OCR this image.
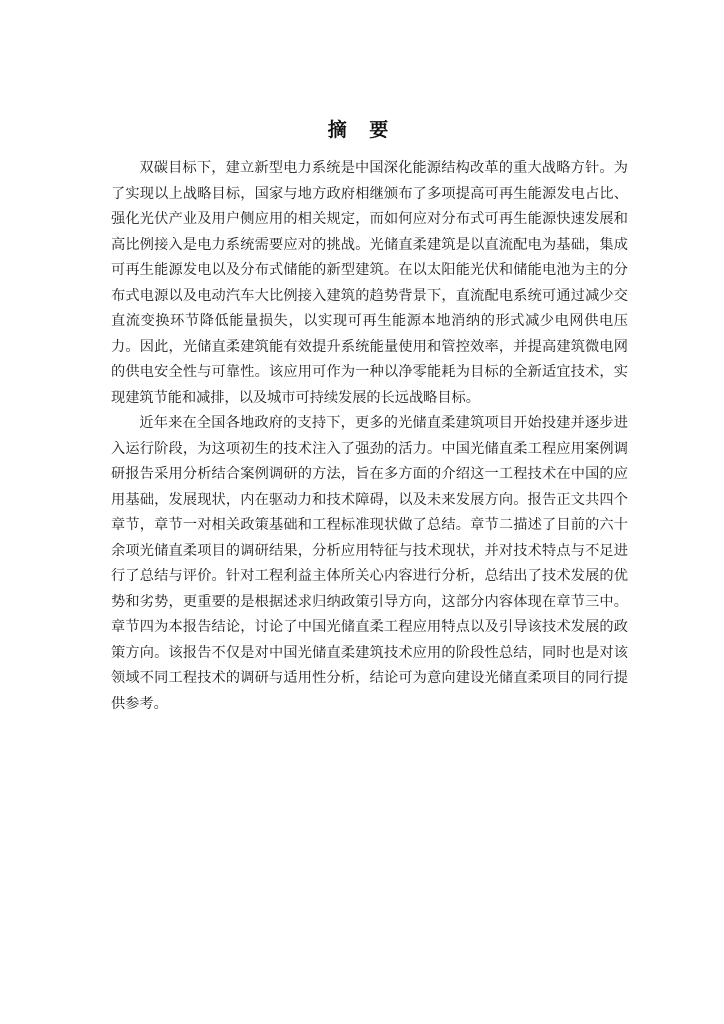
摘 要

双碳目标下，建立新型电力系统是中国深化能源结构改革的重大战略方针。为了实现以上战略目标，国家与地方政府相继颁布了多项提高可再生能源发电占比、强化光伏产业及用户侧应用的相关规定，而如何应对分布式可再生能源快速发展和高比例接入是电力系统需要应对的挑战。光储直柔建筑是以直流配电为基础，集成可再生能源发电以及分布式储能的新型建筑。在以太阳能光伏和储能电池为主的分布式电源以及电动汽车大比例接入建筑的趋势背景下，直流配电系统可通过减少交直流变换环节降低能量损失，以实现可再生能源本地消纳的形式减少电网供电压力。因此，光储直柔建筑能有效提升系统能量使用和管控效率，并提高建筑微电网的供电安全性与可靠性。该应用可作为一种以净零能耗为目标的全新适宜技术，实现建筑节能和减排，以及城市可持续发展的长远战略目标。

近年来在全国各地政府的支持下，更多的光储直柔建筑项目开始投建并逐步进入运行阶段，为这项初生的技术注入了强劲的活力。中国光储直柔工程应用案例调研报告采用分析结合案例调研的方法，旨在多方面的介绍这一工程技术在中国的应用基础，发展现状，内在驱动力和技术障碍，以及未来发展方向。报告正文共四个章节，章节一对相关政策基础和工程标准现状做了总结。章节二描述了目前的六十余项光储直柔项目的调研结果，分析应用特征与技术现状，并对技术特点与不足进行了总结与评价。针对工程利益主体所关心内容进行分析，总结出了技术发展的优势和劣势，更重要的是根据述求归纳政策引导方向，这部分内容体现在章节三中。章节四为本报告结论，讨论了中国光储直柔工程应用特点以及引导该技术发展的政策方向。该报告不仅是对中国光储直柔建筑技术应用的阶段性总结，同时也是对该领域不同工程技术的调研与适用性分析，结论可为意向建设光储直柔项目的同行提供参考。
